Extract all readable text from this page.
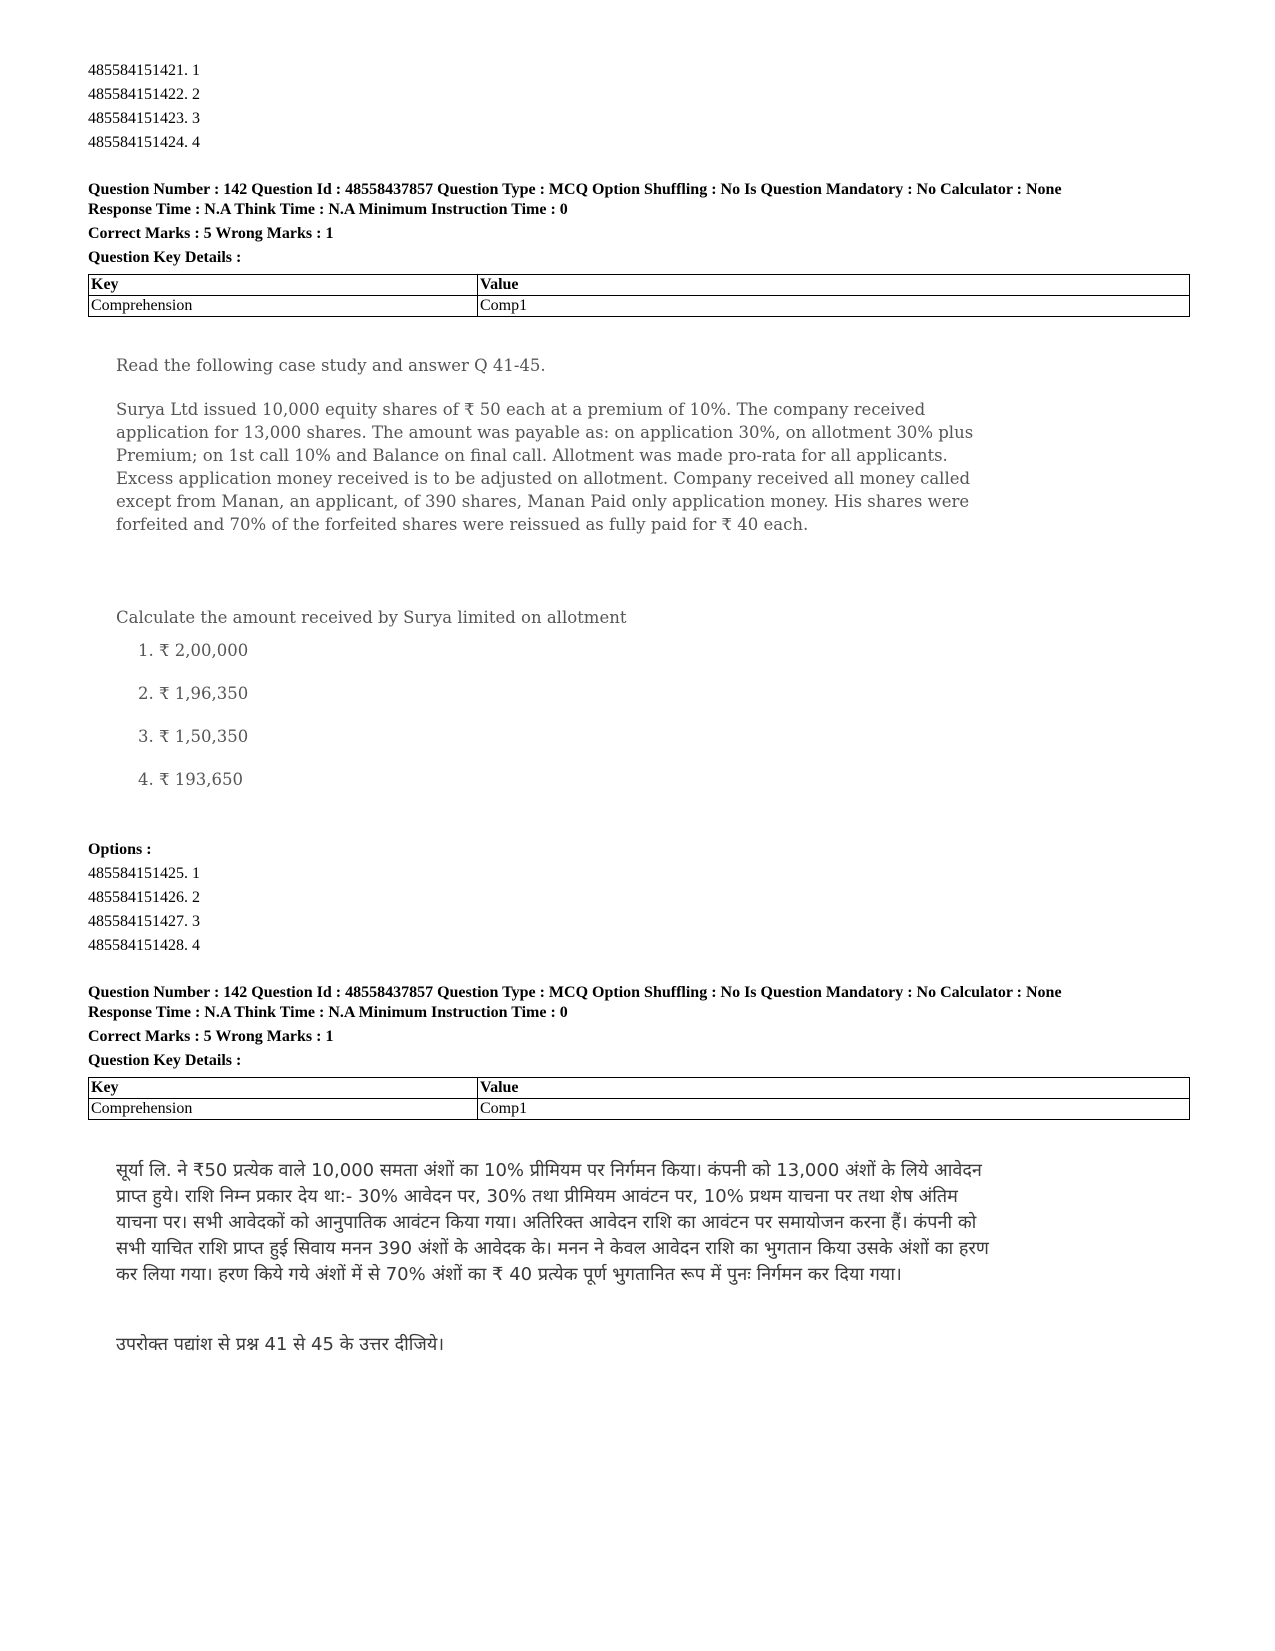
485584151421. 1
485584151422. 2
485584151423. 3
485584151424. 4
Question Number : 142 Question Id : 48558437857 Question Type : MCQ Option Shuffling : No Is Question Mandatory : No Calculator : None
Response Time : N.A Think Time : N.A Minimum Instruction Time : 0
Correct Marks : 5 Wrong Marks : 1
Question Key Details :
Key	Value
Comprehension	Comp1
Read the following case study and answer Q 41-45.
Surya Ltd issued 10,000 equity shares of ₹ 50 each at a premium of 10%. The company received application for 13,000 shares. The amount was payable as: on application 30%, on allotment 30% plus Premium; on 1st call 10% and Balance on final call. Allotment was made pro-rata for all applicants. Excess application money received is to be adjusted on allotment. Company received all money called except from Manan, an applicant, of 390 shares, Manan Paid only application money. His shares were forfeited and 70% of the forfeited shares were reissued as fully paid for ₹ 40 each.
Calculate the amount received by Surya limited on allotment
1. ₹ 2,00,000
2. ₹ 1,96,350
3. ₹ 1,50,350
4. ₹ 193,650
Options :
485584151425. 1
485584151426. 2
485584151427. 3
485584151428. 4
Question Number : 142 Question Id : 48558437857 Question Type : MCQ Option Shuffling : No Is Question Mandatory : No Calculator : None
Response Time : N.A Think Time : N.A Minimum Instruction Time : 0
Correct Marks : 5 Wrong Marks : 1
Question Key Details :
Key	Value
Comprehension	Comp1
सूर्या लि. ने ₹50 प्रत्येक वाले 10,000 समता अंशों का 10% प्रीमियम पर निर्गमन किया। कंपनी को 13,000 अंशों के लिये आवेदन प्राप्त हुये। राशि निम्न प्रकार देय था:- 30% आवेदन पर, 30% तथा प्रीमियम आवंटन पर, 10% प्रथम याचना पर तथा शेष अंतिम याचना पर। सभी आवेदकों को आनुपातिक आवंटन किया गया। अतिरिक्त आवेदन राशि का आवंटन पर समायोजन करना हैं। कंपनी को सभी याचित राशि प्राप्त हुई सिवाय मनन 390 अंशों के आवेदक के। मनन ने केवल आवेदन राशि का भुगतान किया उसके अंशों का हरण कर लिया गया। हरण किये गये अंशों में से 70% अंशों का ₹ 40 प्रत्येक पूर्ण भुगतानित रूप में पुनः निर्गमन कर दिया गया।
उपरोक्त पद्यांश से प्रश्न 41 से 45 के उत्तर दीजिये।
